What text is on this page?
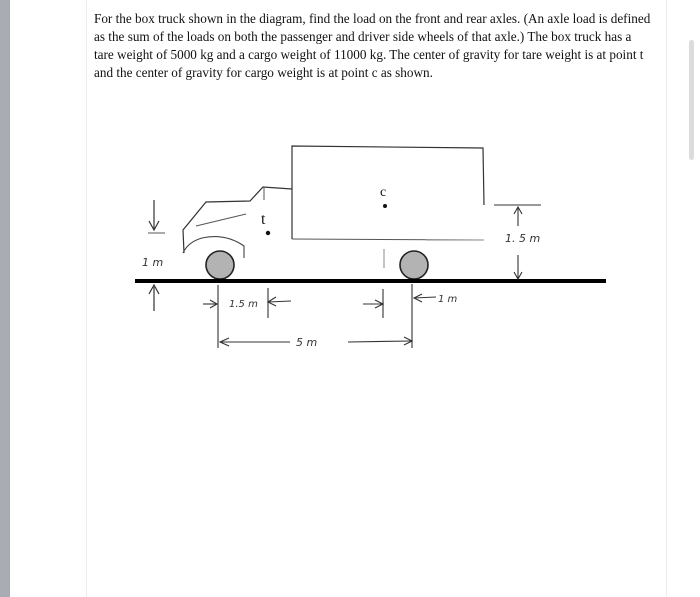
For the box truck shown in the diagram, find the load on the front and rear axles. (An axle load is defined as the sum of the loads on both the passenger and driver side wheels of that axle.) The box truck has a tare weight of 5000 kg and a cargo weight of 11000 kg. The center of gravity for tare weight is at point t and the center of gravity for cargo weight is at point c as shown.

t
c
1 m
1.5 m
5 m
1 m
1. 5 m
